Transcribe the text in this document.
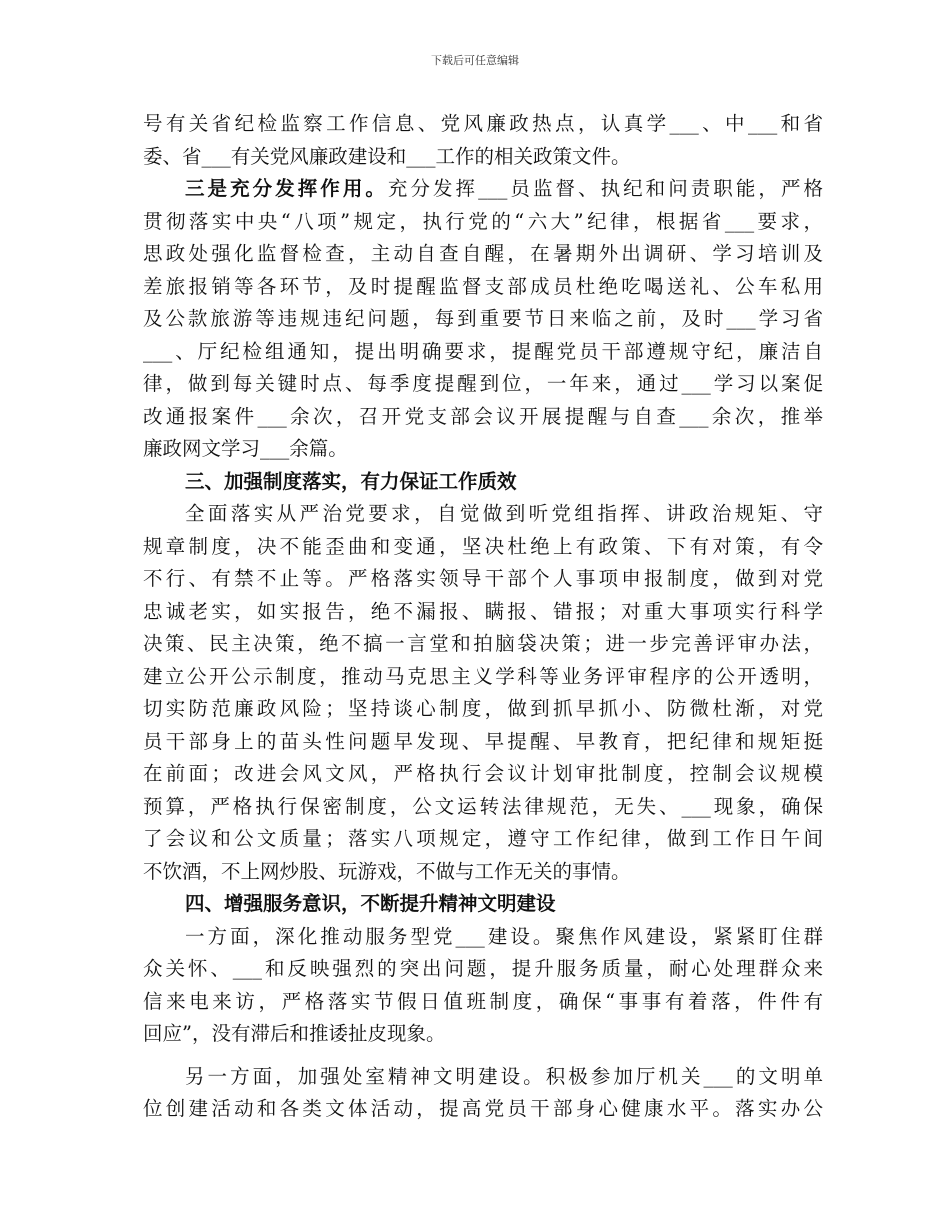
下载后可任意编辑
号有关省纪检监察工作信息、党风廉政热点，认真学___、中___和省
委、省___有关党风廉政建设和___工作的相关政策文件。
三是充分发挥作用。充分发挥___员监督、执纪和问责职能，严格
贯彻落实中央“八项”规定，执行党的“六大”纪律，根据省___要求，
思政处强化监督检查，主动自查自醒，在暑期外出调研、学习培训及
差旅报销等各环节，及时提醒监督支部成员杜绝吃喝送礼、公车私用
及公款旅游等违规违纪问题，每到重要节日来临之前，及时___学习省
___、厅纪检组通知，提出明确要求，提醒党员干部遵规守纪，廉洁自
律，做到每关键时点、每季度提醒到位，一年来，通过___学习以案促
改通报案件___余次，召开党支部会议开展提醒与自查___余次，推举
廉政网文学习___余篇。
三、加强制度落实，有力保证工作质效
全面落实从严治党要求，自觉做到听党组指挥、讲政治规矩、守
规章制度，决不能歪曲和变通，坚决杜绝上有政策、下有对策，有令
不行、有禁不止等。严格落实领导干部个人事项申报制度，做到对党
忠诚老实，如实报告，绝不漏报、瞒报、错报；对重大事项实行科学
决策、民主决策，绝不搞一言堂和拍脑袋决策；进一步完善评审办法，
建立公开公示制度，推动马克思主义学科等业务评审程序的公开透明，
切实防范廉政风险；坚持谈心制度，做到抓早抓小、防微杜渐，对党
员干部身上的苗头性问题早发现、早提醒、早教育，把纪律和规矩挺
在前面；改进会风文风，严格执行会议计划审批制度，控制会议规模
预算，严格执行保密制度，公文运转法律规范，无失、___现象，确保
了会议和公文质量；落实八项规定，遵守工作纪律，做到工作日午间
不饮酒，不上网炒股、玩游戏，不做与工作无关的事情。
四、增强服务意识，不断提升精神文明建设
一方面，深化推动服务型党___建设。聚焦作风建设，紧紧盯住群
众关怀、___和反映强烈的突出问题，提升服务质量，耐心处理群众来
信来电来访，严格落实节假日值班制度，确保“事事有着落，件件有
回应”，没有滞后和推诿扯皮现象。
另一方面，加强处室精神文明建设。积极参加厅机关___的文明单
位创建活动和各类文体活动，提高党员干部身心健康水平。落实办公
